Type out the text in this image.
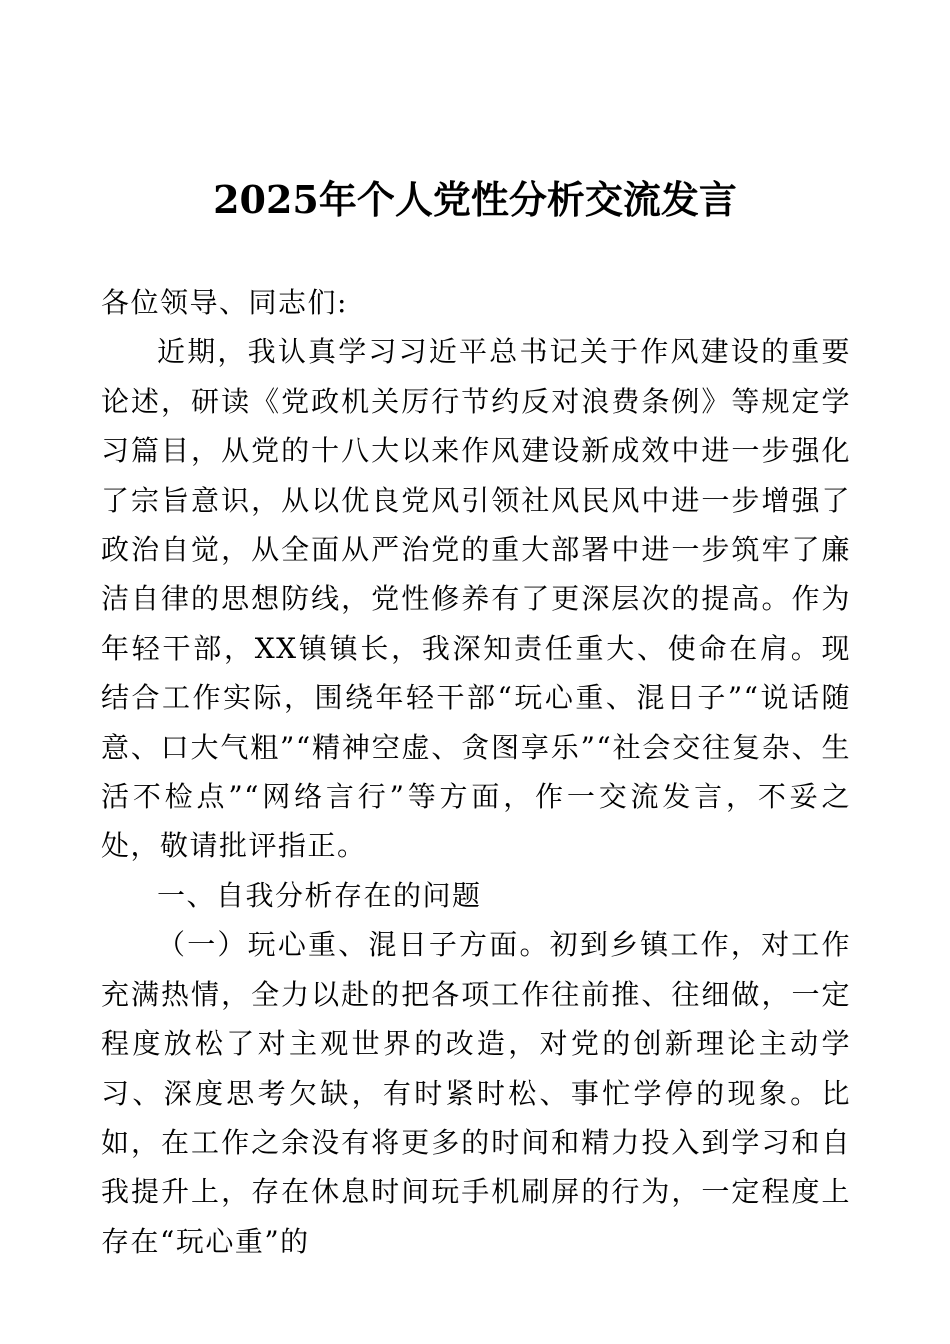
2025年个人党性分析交流发言

各位领导、同志们:

近期，我认真学习习近平总书记关于作风建设的重要论述，研读《党政机关厉行节约反对浪费条例》等规定学习篇目，从党的十八大以来作风建设新成效中进一步强化了宗旨意识，从以优良党风引领社风民风中进一步增强了政治自觉，从全面从严治党的重大部署中进一步筑牢了廉洁自律的思想防线，党性修养有了更深层次的提高。作为年轻干部，XX镇镇长，我深知责任重大、使命在肩。现结合工作实际，围绕年轻干部“玩心重、混日子”“说话随意、口大气粗”“精神空虚、贪图享乐”“社会交往复杂、生活不检点”“网络言行”等方面，作一交流发言，不妥之处，敬请批评指正。

一、自我分析存在的问题

（一）玩心重、混日子方面。初到乡镇工作，对工作充满热情，全力以赴的把各项工作往前推、往细做，一定程度放松了对主观世界的改造，对党的创新理论主动学习、深度思考欠缺，有时紧时松、事忙学停的现象。比如，在工作之余没有将更多的时间和精力投入到学习和自我提升上，存在休息时间玩手机刷屏的行为，一定程度上存在“玩心重”的
